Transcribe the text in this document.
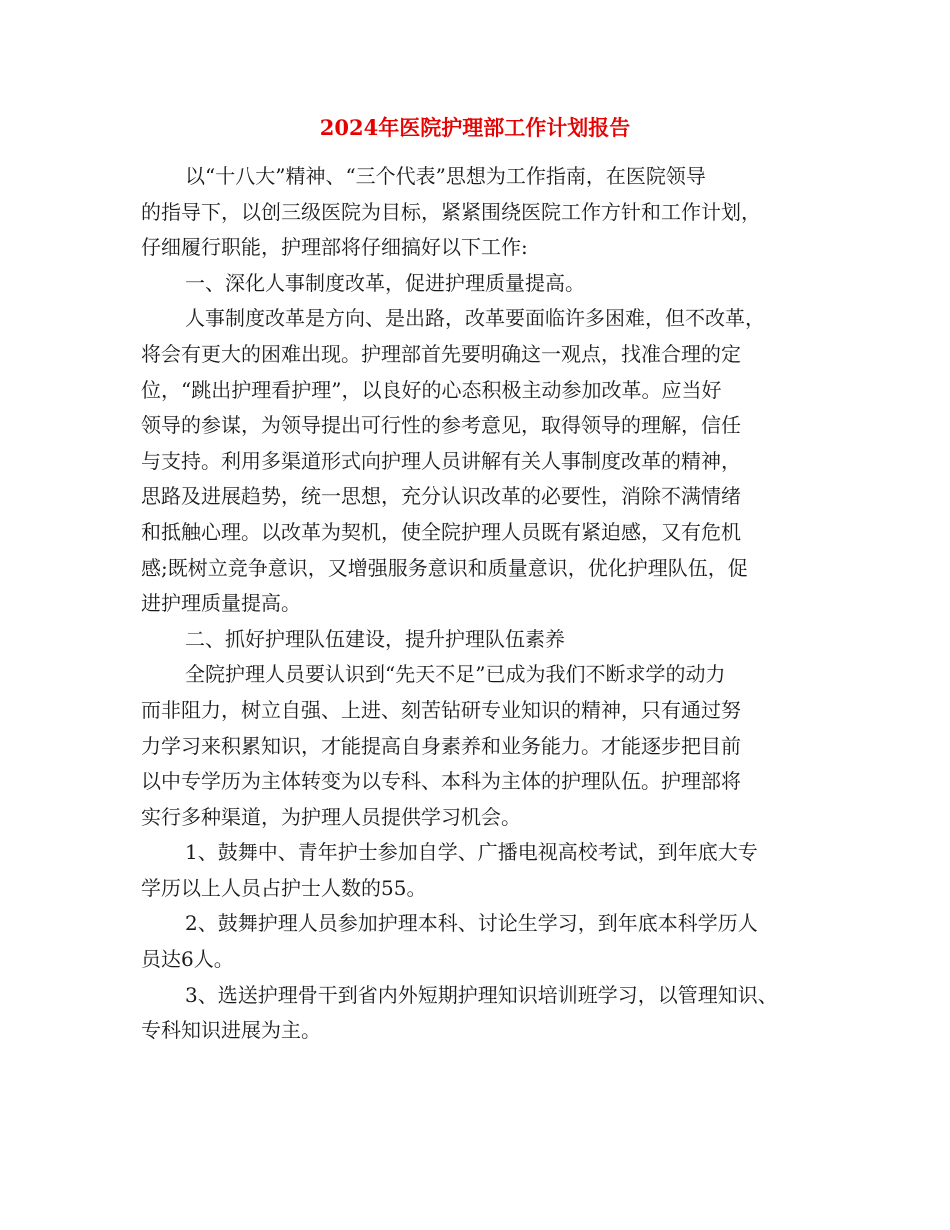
2024年医院护理部工作计划报告
以“十八大”精神、“三个代表”思想为工作指南，在医院领导
的指导下，以创三级医院为目标，紧紧围绕医院工作方针和工作计划，
仔细履行职能，护理部将仔细搞好以下工作:
一、深化人事制度改革，促进护理质量提高。
人事制度改革是方向、是出路，改革要面临许多困难，但不改革，
将会有更大的困难出现。护理部首先要明确这一观点，找准合理的定
位，“跳出护理看护理”，以良好的心态积极主动参加改革。应当好
领导的参谋，为领导提出可行性的参考意见，取得领导的理解，信任
与支持。利用多渠道形式向护理人员讲解有关人事制度改革的精神，
思路及进展趋势，统一思想，充分认识改革的必要性，消除不满情绪
和抵触心理。以改革为契机，使全院护理人员既有紧迫感，又有危机
感;既树立竞争意识，又增强服务意识和质量意识，优化护理队伍，促
进护理质量提高。
二、抓好护理队伍建设，提升护理队伍素养
全院护理人员要认识到“先天不足”已成为我们不断求学的动力
而非阻力，树立自强、上进、刻苦钻研专业知识的精神，只有通过努
力学习来积累知识，才能提高自身素养和业务能力。才能逐步把目前
以中专学历为主体转变为以专科、本科为主体的护理队伍。护理部将
实行多种渠道，为护理人员提供学习机会。
1、鼓舞中、青年护士参加自学、广播电视高校考试，到年底大专
学历以上人员占护士人数的55。
2、鼓舞护理人员参加护理本科、讨论生学习，到年底本科学历人
员达6人。
3、选送护理骨干到省内外短期护理知识培训班学习，以管理知识、
专科知识进展为主。
